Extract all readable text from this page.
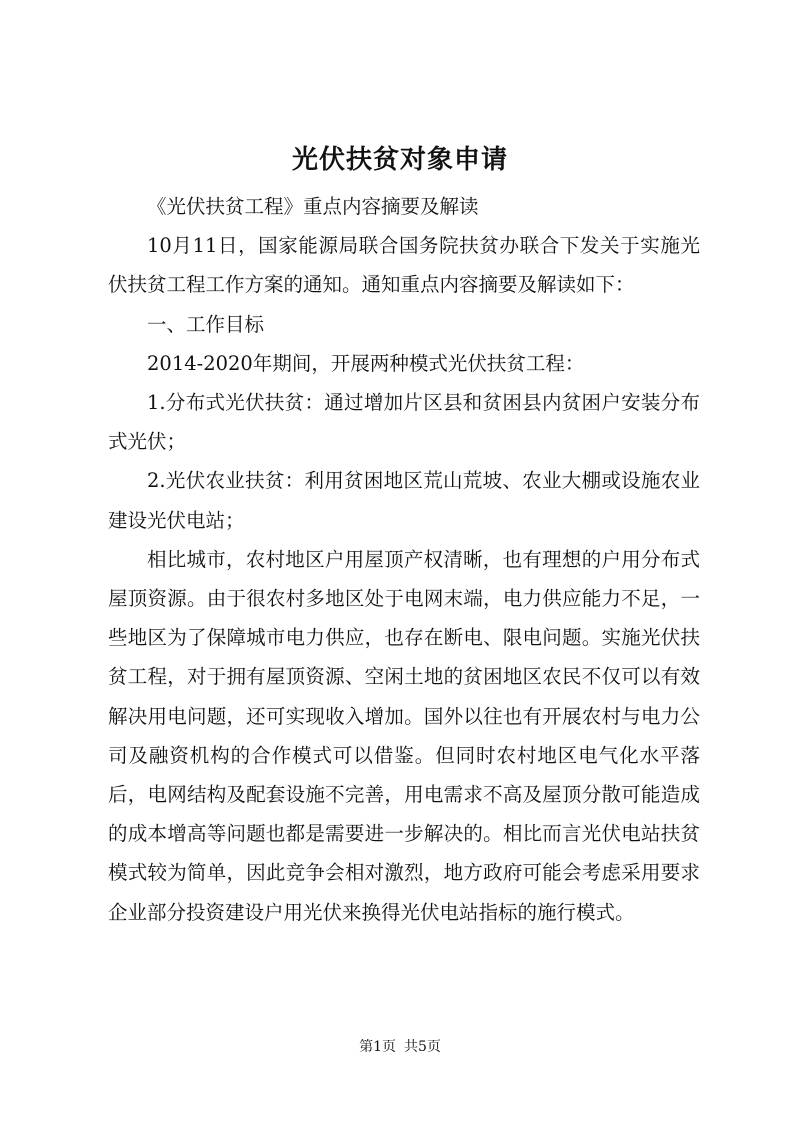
光伏扶贫对象申请

《光伏扶贫工程》重点内容摘要及解读

10月11日，国家能源局联合国务院扶贫办联合下发关于实施光伏扶贫工程工作方案的通知。通知重点内容摘要及解读如下：

一、工作目标

2014-2020年期间，开展两种模式光伏扶贫工程：

1.分布式光伏扶贫：通过增加片区县和贫困县内贫困户安装分布式光伏；

2.光伏农业扶贫：利用贫困地区荒山荒坡、农业大棚或设施农业建设光伏电站；

相比城市，农村地区户用屋顶产权清晰，也有理想的户用分布式屋顶资源。由于很农村多地区处于电网末端，电力供应能力不足，一些地区为了保障城市电力供应，也存在断电、限电问题。实施光伏扶贫工程，对于拥有屋顶资源、空闲土地的贫困地区农民不仅可以有效解决用电问题，还可实现收入增加。国外以往也有开展农村与电力公司及融资机构的合作模式可以借鉴。但同时农村地区电气化水平落后，电网结构及配套设施不完善，用电需求不高及屋顶分散可能造成的成本增高等问题也都是需要进一步解决的。相比而言光伏电站扶贫模式较为简单，因此竞争会相对激烈，地方政府可能会考虑采用要求企业部分投资建设户用光伏来换得光伏电站指标的施行模式。

第1页 共5页
